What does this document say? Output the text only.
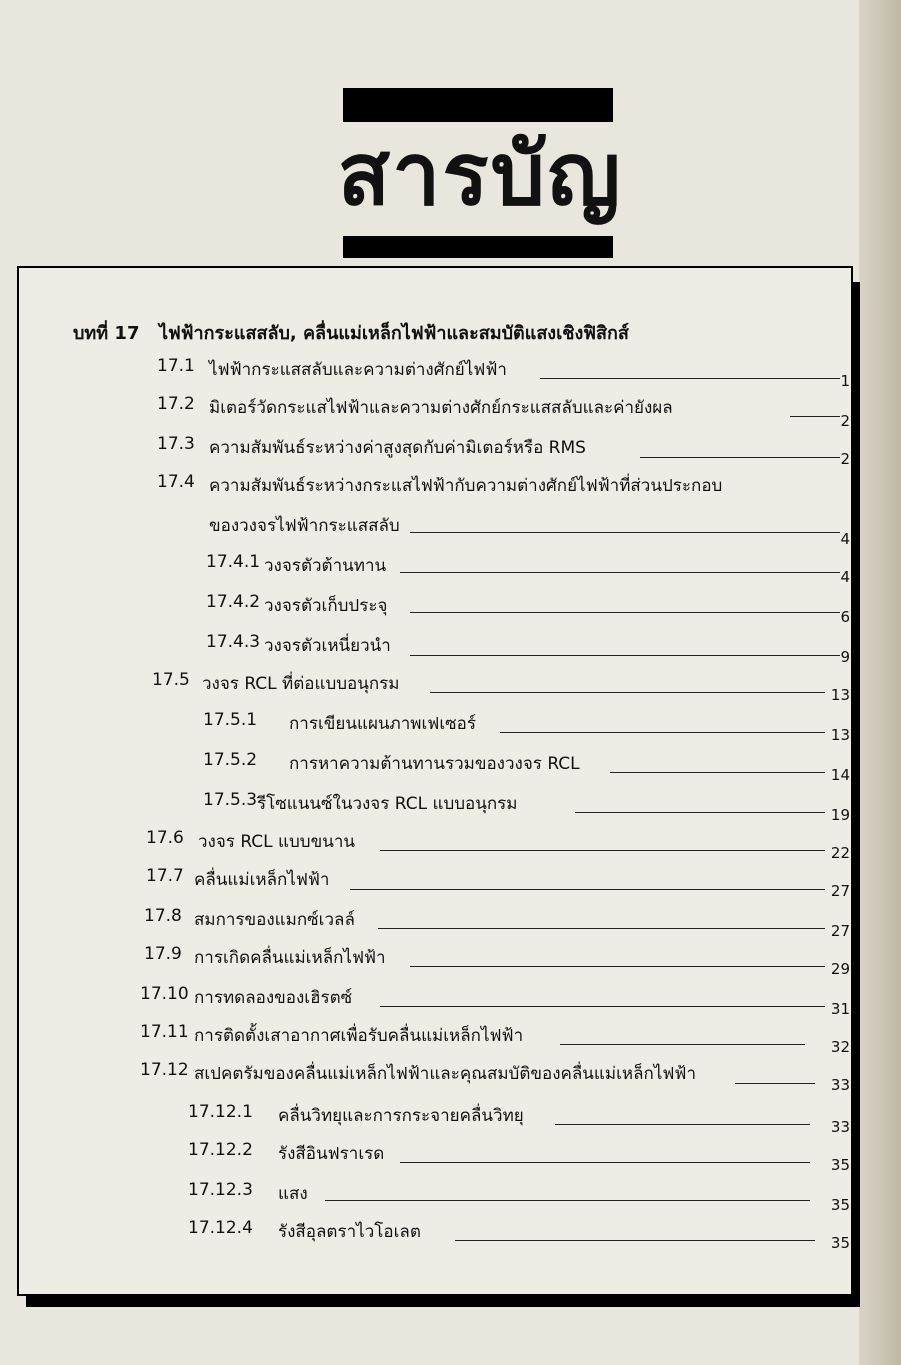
สารบัญ
บทที่ 17 ไฟฟ้ากระแสสลับ, คลื่นแม่เหล็กไฟฟ้าและสมบัติแสงเชิงฟิสิกส์
17.1 ไฟฟ้ากระแสสลับและความต่างศักย์ไฟฟ้า
1
17.2 มิเตอร์วัดกระแสไฟฟ้าและความต่างศักย์กระแสสลับและค่ายังผล
2
17.3 ความสัมพันธ์ระหว่างค่าสูงสุดกับค่ามิเตอร์หรือ RMS
2
17.4 ความสัมพันธ์ระหว่างกระแสไฟฟ้ากับความต่างศักย์ไฟฟ้าที่ส่วนประกอบ
ของวงจรไฟฟ้ากระแสสลับ
4
17.4.1 วงจรตัวต้านทาน
4
17.4.2 วงจรตัวเก็บประจุ
6
17.4.3 วงจรตัวเหนี่ยวนำ
9
17.5 วงจร RCL ที่ต่อแบบอนุกรม
13
17.5.1 การเขียนแผนภาพเฟเซอร์
13
17.5.2 การหาความต้านทานรวมของวงจร RCL
14
17.5.3 รีโซแนนซ์ในวงจร RCL แบบอนุกรม
19
17.6 วงจร RCL แบบขนาน
22
17.7 คลื่นแม่เหล็กไฟฟ้า
27
17.8 สมการของแมกซ์เวลล์
27
17.9 การเกิดคลื่นแม่เหล็กไฟฟ้า
29
17.10 การทดลองของเฮิรตซ์
31
17.11 การติดตั้งเสาอากาศเพื่อรับคลื่นแม่เหล็กไฟฟ้า
32
17.12 สเปคตรัมของคลื่นแม่เหล็กไฟฟ้าและคุณสมบัติของคลื่นแม่เหล็กไฟฟ้า
33
17.12.1 คลื่นวิทยุและการกระจายคลื่นวิทยุ
33
17.12.2 รังสีอินฟราเรด
35
17.12.3 แสง
35
17.12.4 รังสีอุลตราไวโอเลต
35
